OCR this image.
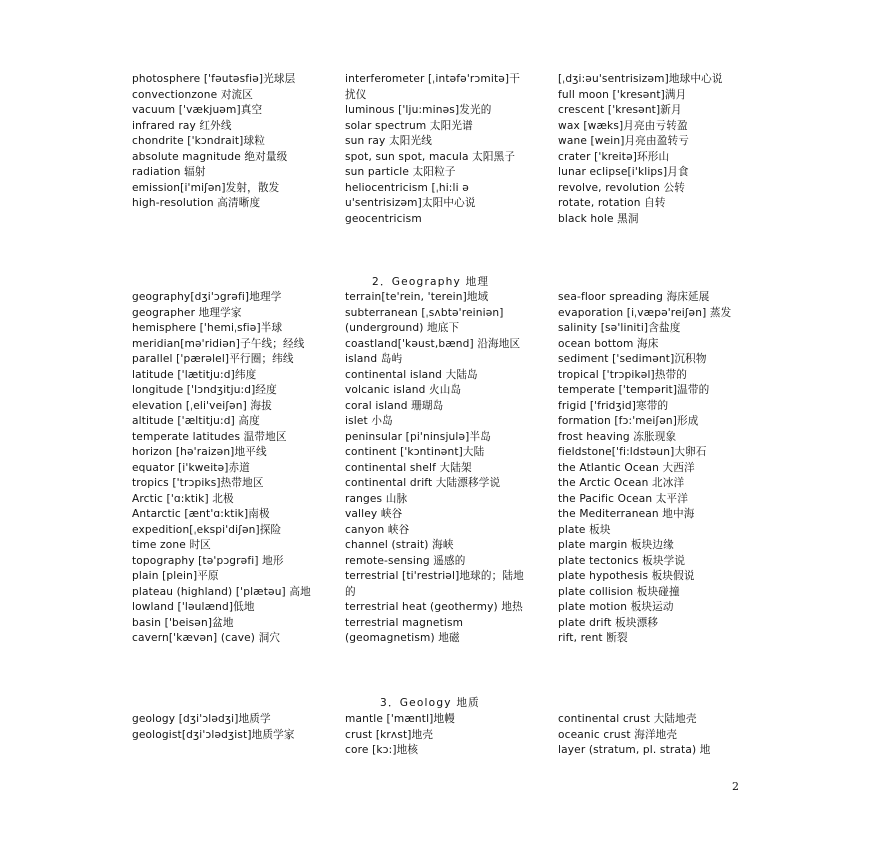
photosphere ['fəutəsfiə]光球层
convectionzone 对流区
vacuum ['vækjuəm]真空
infrared ray 红外线
chondrite ['kɔndrait]球粒
absolute magnitude 绝对量级
radiation 辐射
emission[i'miʃən]发射，散发
high-resolution 高清晰度
interferometer [ˌintəfə'rɔmitə]干扰仪
luminous ['lju:minəs]发光的
solar spectrum 太阳光谱
sun ray 太阳光线
spot, sun spot, macula 太阳黑子
sun particle 太阳粒子
heliocentricism [ˌhi:li ə u'sentrisizəm]太阳中心说
geocentricism
[ˌdʒi:əu'sentrisizəm]地球中心说
full moon ['kresənt]满月
crescent ['kresənt]新月
wax [wæks]月亮由亏转盈
wane [wein]月亮由盈转亏
crater ['kreitə]环形山
lunar eclipse[i'klips]月食
revolve, revolution 公转
rotate, rotation 自转
black hole 黑洞
2．Geography 地理
geography[dʒi'ɔgrəfi]地理学
geographer 地理学家
hemisphere ['hemiˌsfiə]半球
meridian[mə'ridiən]子午线；经线
parallel ['pærəlel]平行圈；纬线
latitude ['lætitju:d]纬度
longitude ['lɔndʒitju:d]经度
elevation [ˌeli'veiʃən] 海拔
altitude ['æltitju:d] 高度
temperate latitudes 温带地区
horizon [hə'raizən]地平线
equator [i'kweitə]赤道
tropics ['trɔpiks]热带地区
Arctic ['ɑ:ktik] 北极
Antarctic [ænt'ɑ:ktik]南极
expedition[ˌekspi'diʃən]探险
time zone 时区
topography [tə'pɔgrəfi] 地形
plain [plein]平原
plateau (highland) ['plætəu] 高地
lowland ['ləulænd]低地
basin ['beisən]盆地
cavern['kævən] (cave) 洞穴
terrain[te'rein, 'terein]地域
subterranean [ˌsʌbtə'reiniən] (underground) 地底下
coastland['kəust,bænd] 沿海地区
island 岛屿
continental island 大陆岛
volcanic island 火山岛
coral island 珊瑚岛
islet 小岛
peninsular [pi'ninsjulə]半岛
continent ['kɔntinənt]大陆
continental shelf 大陆架
continental drift 大陆漂移学说
ranges 山脉
valley 峡谷
canyon 峡谷
channel (strait) 海峡
remote-sensing 遥感的
terrestrial [ti'restriəl]地球的；陆地的
terrestrial heat (geothermy) 地热
terrestrial magnetism (geomagnetism) 地磁
sea-floor spreading 海床延展
evaporation [iˌvæpə'reiʃən] 蒸发
salinity [sə'liniti]含盐度
ocean bottom 海床
sediment ['sedimənt]沉积物
tropical ['trɔpikəl]热带的
temperate ['tempərit]温带的
frigid ['fridʒid]寒带的
formation [fɔ:'meiʃən]形成
frost heaving 冻胀现象
fieldstone['fi:ldstəun]大卵石
the Atlantic Ocean 大西洋
the Arctic Ocean 北冰洋
the Pacific Ocean 太平洋
the Mediterranean 地中海
plate 板块
plate margin 板块边缘
plate tectonics 板块学说
plate hypothesis 板块假说
plate collision 板块碰撞
plate motion 板块运动
plate drift 板块漂移
rift, rent 断裂
3．Geology 地质
geology [dʒi'ɔlədʒi]地质学
geologist[dʒi'ɔlədʒist]地质学家
mantle ['mæntl]地幔
crust [krʌst]地壳
core [kɔ:]地核
continental crust 大陆地壳
oceanic crust 海洋地壳
layer (stratum, pl. strata) 地
2
